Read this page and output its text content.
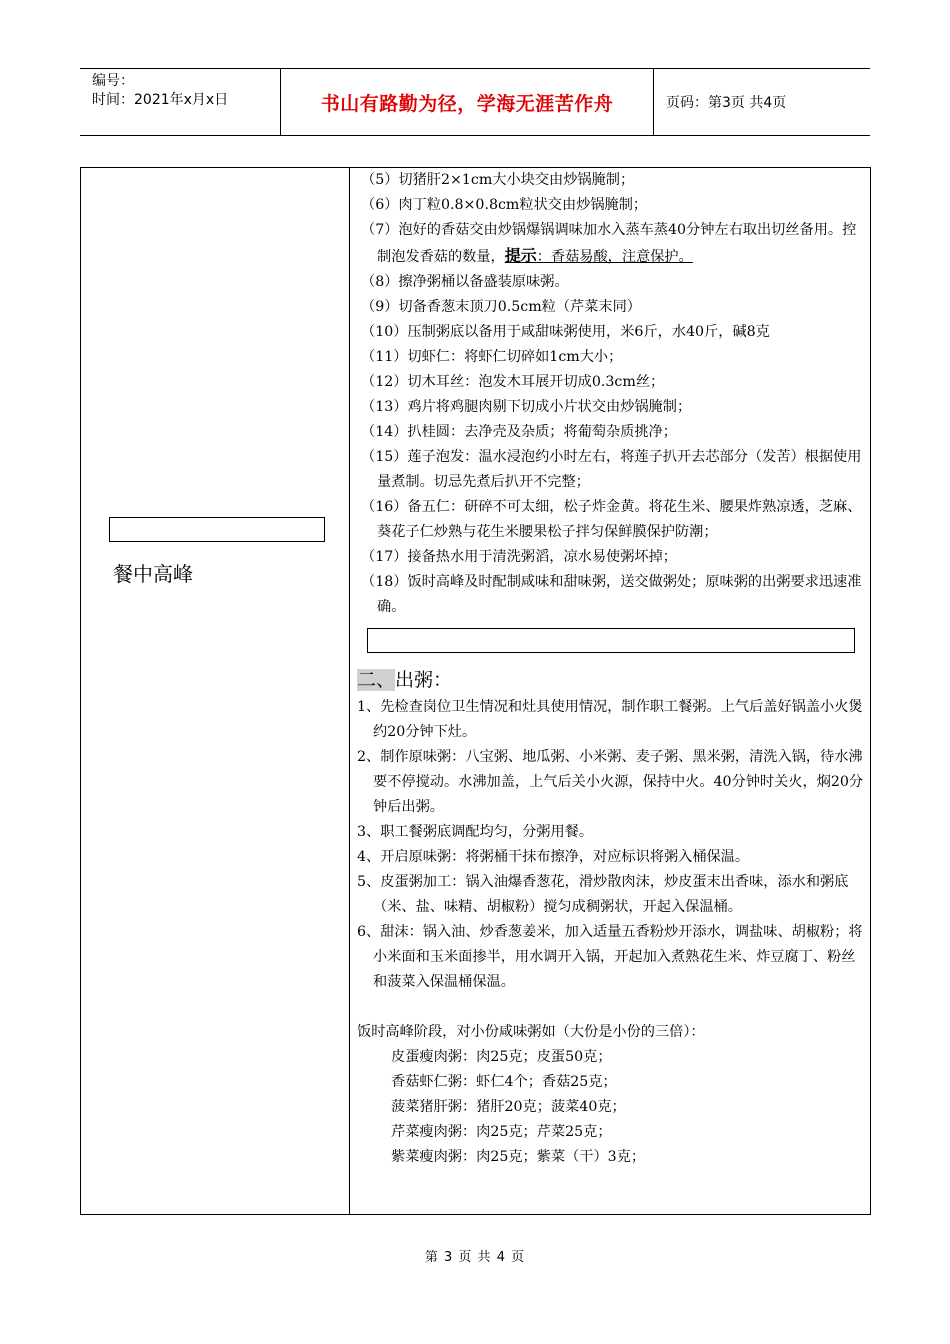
编号：
时间：2021年x月x日	书山有路勤为径，学海无涯苦作舟	页码：第3页 共4页
餐中高峰

（5）切猪肝2×1cm大小块交由炒锅腌制；

（6）肉丁粒0.8×0.8cm粒状交由炒锅腌制；

（7）泡好的香菇交由炒锅爆锅调味加水入蒸车蒸40分钟左右取出切丝备用。控制泡发香菇的数量，提示：香菇易酸，注意保护。

（8）擦净粥桶以备盛装原味粥。

（9）切备香葱末顶刀0.5cm粒（芹菜末同）

（10）压制粥底以备用于咸甜味粥使用，米6斤，水40斤，碱8克

（11）切虾仁：将虾仁切碎如1cm大小；

（12）切木耳丝：泡发木耳展开切成0.3cm丝；

（13）鸡片将鸡腿肉剔下切成小片状交由炒锅腌制；

（14）扒桂圆：去净壳及杂质；将葡萄杂质挑净；

（15）莲子泡发：温水浸泡约小时左右，将莲子扒开去芯部分（发苦）根据使用量煮制。切忌先煮后扒开不完整；

（16）备五仁：研碎不可太细，松子炸金黄。将花生米、腰果炸熟凉透，芝麻、葵花子仁炒熟与花生米腰果松子拌匀保鲜膜保护防潮；

（17）接备热水用于清洗粥滔，凉水易使粥坏掉；

（18）饭时高峰及时配制咸味和甜味粥，送交做粥处；原味粥的出粥要求迅速准确。

二、出粥：

1、先检查岗位卫生情况和灶具使用情况，制作职工餐粥。上气后盖好锅盖小火煲约20分钟下灶。

2、制作原味粥：八宝粥、地瓜粥、小米粥、麦子粥、黑米粥，清洗入锅，待水沸要不停搅动。水沸加盖，上气后关小火源，保持中火。40分钟时关火，焖20分钟后出粥。

3、职工餐粥底调配均匀，分粥用餐。

4、开启原味粥：将粥桶干抹布擦净，对应标识将粥入桶保温。

5、皮蛋粥加工：锅入油爆香葱花，滑炒散肉沫，炒皮蛋末出香味，添水和粥底（米、盐、味精、胡椒粉）搅匀成稠粥状，开起入保温桶。

6、甜沫：锅入油、炒香葱姜米，加入适量五香粉炒开添水，调盐味、胡椒粉；将小米面和玉米面掺半，用水调开入锅，开起加入煮熟花生米、炸豆腐丁、粉丝和菠菜入保温桶保温。

饭时高峰阶段，对小份咸味粥如（大份是小份的三倍）：

皮蛋瘦肉粥：肉25克；皮蛋50克；

香菇虾仁粥：虾仁4个；香菇25克；

菠菜猪肝粥：猪肝20克；菠菜40克；

芹菜瘦肉粥：肉25克；芹菜25克；

紫菜瘦肉粥：肉25克；紫菜（干）3克；

第 3 页 共 4 页
